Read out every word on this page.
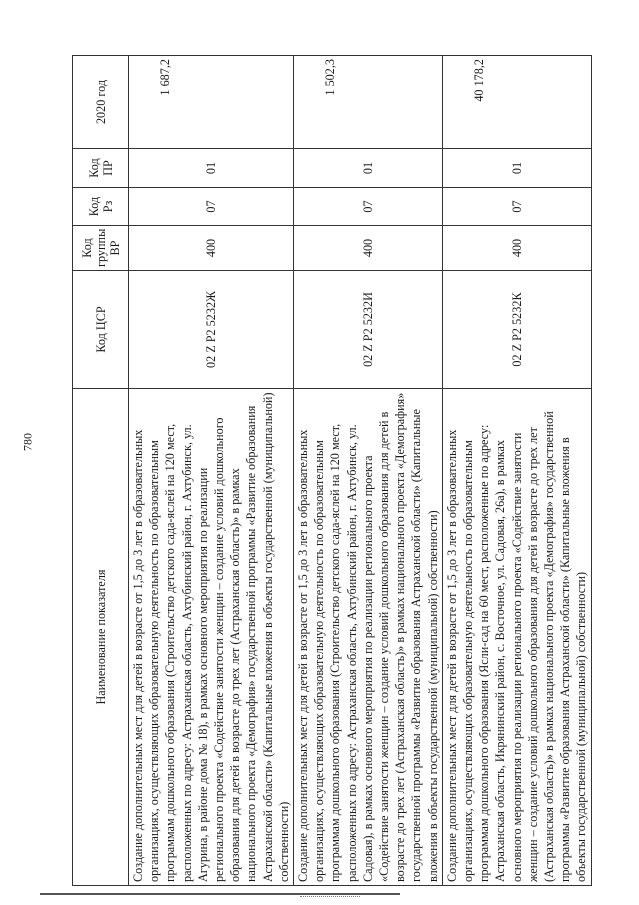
780
Наименование показателя	Код ЦСР	Код группы ВР	Код Рз	Код ПР	2020 год
Создание дополнительных мест для детей в возрасте от 1,5 до 3 лет в образовательных организациях, осуществляющих образовательную деятельность по образовательным программам дошкольного образования (Строительство детского сада-яслей на 120 мест, расположенных по адресу: Астраханская область, Ахтубинский район, г. Ахтубинск, ул. Агурина, в районе дома № 18), в рамках основного мероприятия по реализации регионального проекта «Содействие занятости женщин – создание условий дошкольного образования для детей в возрасте до трех лет (Астраханская область)» в рамках национального проекта «Демография» государственной программы «Развитие образования Астраханской области» (Капитальные вложения в объекты государственной (муниципальной) собственности)	02 Z P2 5232Ж	400	07	01	1 687,2
Создание дополнительных мест для детей в возрасте от 1,5 до 3 лет в образовательных организациях, осуществляющих образовательную деятельность по образовательным программам дошкольного образования (Строительство детского сада-яслей на 120 мест, расположенных по адресу: Астраханская область, Ахтубинский район, г. Ахтубинск, ул. Садовая), в рамках основного мероприятия по реализации регионального проекта «Содействие занятости женщин – создание условий дошкольного образования для детей в возрасте до трех лет (Астраханская область)» в рамках национального проекта «Демография» государственной программы «Развитие образования Астраханской области» (Капитальные вложения в объекты государственной (муниципальной) собственности)	02 Z P2 5232И	400	07	01	1 502,3
Создание дополнительных мест для детей в возрасте от 1,5 до 3 лет в образовательных организациях, осуществляющих образовательную деятельность по образовательным программам дошкольного образования (Ясли-сад на 60 мест, расположенные по адресу: Астраханская область, Икрянинский район, с. Восточное, ул. Садовая, 26а), в рамках основного мероприятия по реализации регионального проекта «Содействие занятости женщин – создание условий дошкольного образования для детей в возрасте до трех лет (Астраханская область)» в рамках национального проекта «Демография» государственной программы «Развитие образования Астраханской области» (Капитальные вложения в объекты государственной (муниципальной) собственности)	02 Z P2 5232К	400	07	01	40 178,2
